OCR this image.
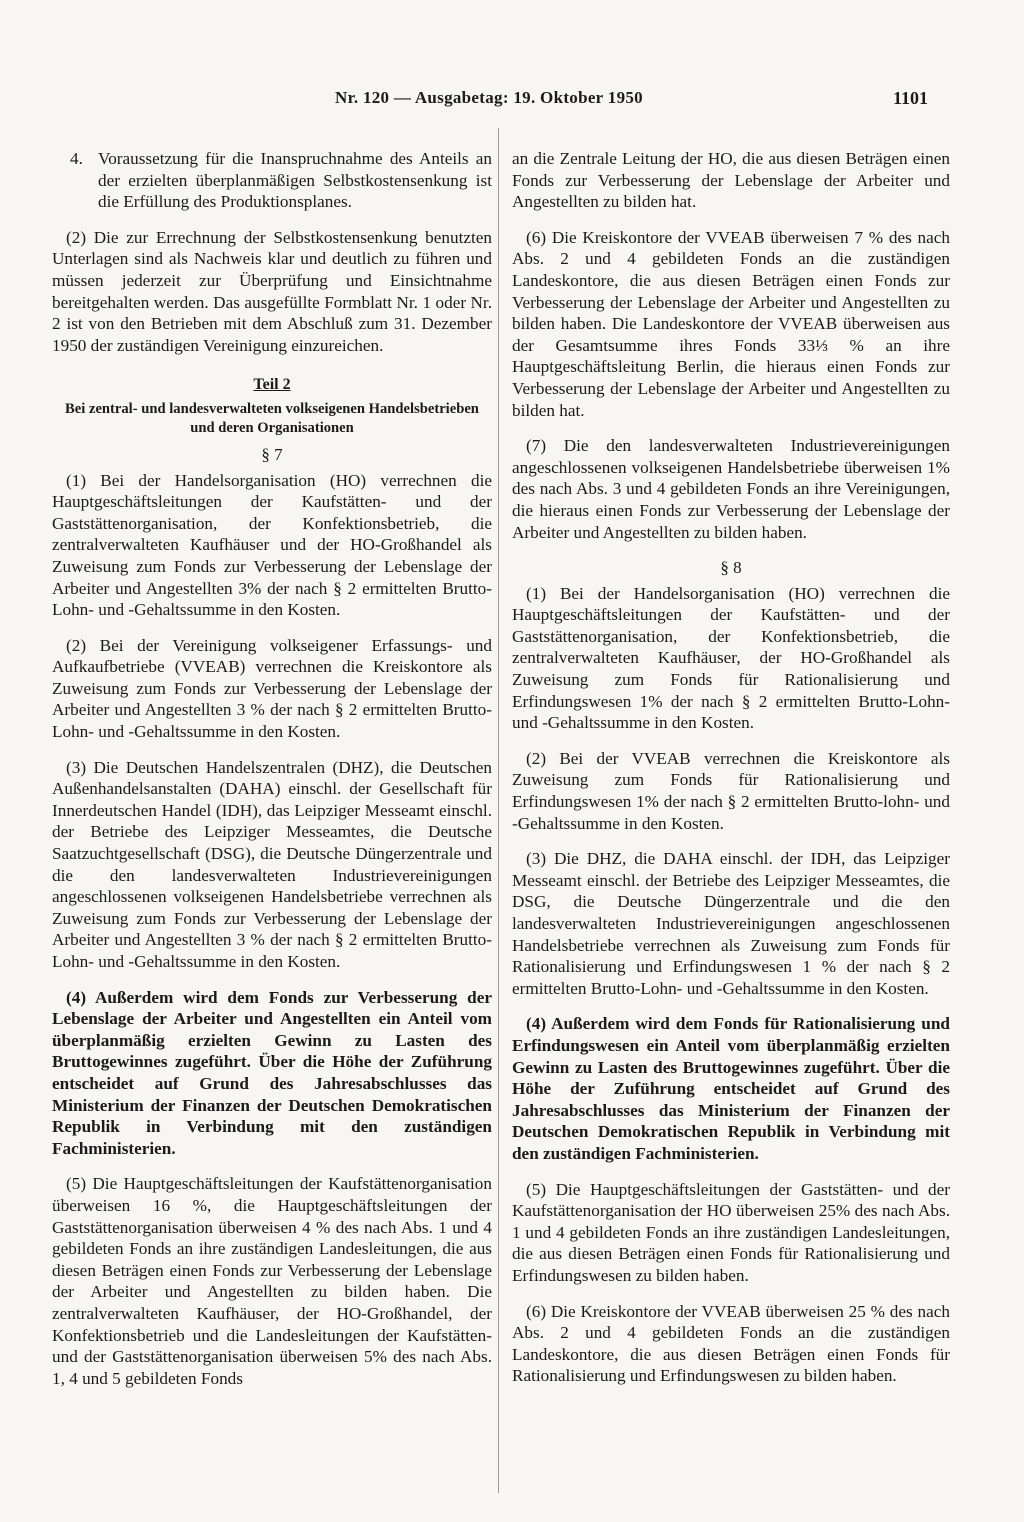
Nr. 120 — Ausgabetag: 19. Oktober 1950	1101
4. Voraussetzung für die Inanspruchnahme des Anteils an der erzielten überplanmäßigen Selbstkostensenkung ist die Erfüllung des Produktionsplanes.

(2) Die zur Errechnung der Selbstkostensenkung benutzten Unterlagen sind als Nachweis klar und deutlich zu führen und müssen jederzeit zur Überprüfung und Einsichtnahme bereitgehalten werden. Das ausgefüllte Formblatt Nr. 1 oder Nr. 2 ist von den Betrieben mit dem Abschluß zum 31. Dezember 1950 der zuständigen Vereinigung einzureichen.

Teil 2
Bei zentral- und landesverwalteten volkseigenen Handelsbetrieben und deren Organisationen
§ 7

(1) Bei der Handelsorganisation (HO) verrechnen die Hauptgeschäftsleitungen der Kaufstätten- und der Gaststättenorganisation, der Konfektionsbetrieb, die zentralverwalteten Kaufhäuser und der HO-Großhandel als Zuweisung zum Fonds zur Verbesserung der Lebenslage der Arbeiter und Angestellten 3% der nach § 2 ermittelten Brutto-Lohn- und -Gehaltssumme in den Kosten.

(2) Bei der Vereinigung volkseigener Erfassungs- und Aufkaufbetriebe (VVEAB) verrechnen die Kreiskontore als Zuweisung zum Fonds zur Verbesserung der Lebenslage der Arbeiter und Angestellten 3 % der nach § 2 ermittelten Brutto-Lohn- und -Gehaltssumme in den Kosten.

(3) Die Deutschen Handelszentralen (DHZ), die Deutschen Außenhandelsanstalten (DAHA) einschl. der Gesellschaft für Innerdeutschen Handel (IDH), das Leipziger Messeamt einschl. der Betriebe des Leipziger Messeamtes, die Deutsche Saatzuchtgesellschaft (DSG), die Deutsche Düngerzentrale und die den landesverwalteten Industrievereinigungen angeschlossenen volkseigenen Handelsbetriebe verrechnen als Zuweisung zum Fonds zur Verbesserung der Lebenslage der Arbeiter und Angestellten 3 % der nach § 2 ermittelten Brutto-Lohn- und -Gehaltssumme in den Kosten.

(4) Außerdem wird dem Fonds zur Verbesserung der Lebenslage der Arbeiter und Angestellten ein Anteil vom überplanmäßig erzielten Gewinn zu Lasten des Bruttogewinnes zugeführt. Über die Höhe der Zuführung entscheidet auf Grund des Jahresabschlusses das Ministerium der Finanzen der Deutschen Demokratischen Republik in Verbindung mit den zuständigen Fachministerien.

(5) Die Hauptgeschäftsleitungen der Kaufstättenorganisation überweisen 16 %, die Hauptgeschäftsleitungen der Gaststättenorganisation überweisen 4 % des nach Abs. 1 und 4 gebildeten Fonds an ihre zuständigen Landesleitungen, die aus diesen Beträgen einen Fonds zur Verbesserung der Lebenslage der Arbeiter und Angestellten zu bilden haben. Die zentralverwalteten Kaufhäuser, der HO-Großhandel, der Konfektionsbetrieb und die Landesleitungen der Kaufstätten- und der Gaststättenorganisation überweisen 5% des nach Abs. 1, 4 und 5 gebildeten Fonds

an die Zentrale Leitung der HO, die aus diesen Beträgen einen Fonds zur Verbesserung der Lebenslage der Arbeiter und Angestellten zu bilden hat.

(6) Die Kreiskontore der VVEAB überweisen 7 % des nach Abs. 2 und 4 gebildeten Fonds an die zuständigen Landeskontore, die aus diesen Beträgen einen Fonds zur Verbesserung der Lebenslage der Arbeiter und Angestellten zu bilden haben. Die Landeskontore der VVEAB überweisen aus der Gesamtsumme ihres Fonds 33⅓ % an ihre Hauptgeschäftsleitung Berlin, die hieraus einen Fonds zur Verbesserung der Lebenslage der Arbeiter und Angestellten zu bilden hat.

(7) Die den landesverwalteten Industrievereinigungen angeschlossenen volkseigenen Handelsbetriebe überweisen 1% des nach Abs. 3 und 4 gebildeten Fonds an ihre Vereinigungen, die hieraus einen Fonds zur Verbesserung der Lebenslage der Arbeiter und Angestellten zu bilden haben.

§ 8

(1) Bei der Handelsorganisation (HO) verrechnen die Hauptgeschäftsleitungen der Kaufstätten- und der Gaststättenorganisation, der Konfektionsbetrieb, die zentralverwalteten Kaufhäuser, der HO-Großhandel als Zuweisung zum Fonds für Rationalisierung und Erfindungswesen 1% der nach § 2 ermittelten Brutto-Lohn- und -Gehaltssumme in den Kosten.

(2) Bei der VVEAB verrechnen die Kreiskontore als Zuweisung zum Fonds für Rationalisierung und Erfindungswesen 1% der nach § 2 ermittelten Brutto-lohn- und -Gehaltssumme in den Kosten.

(3) Die DHZ, die DAHA einschl. der IDH, das Leipziger Messeamt einschl. der Betriebe des Leipziger Messeamtes, die DSG, die Deutsche Düngerzentrale und die den landesverwalteten Industrievereinigungen angeschlossenen Handelsbetriebe verrechnen als Zuweisung zum Fonds für Rationalisierung und Erfindungswesen 1 % der nach § 2 ermittelten Brutto-Lohn- und -Gehaltssumme in den Kosten.

(4) Außerdem wird dem Fonds für Rationalisierung und Erfindungswesen ein Anteil vom überplanmäßig erzielten Gewinn zu Lasten des Bruttogewinnes zugeführt. Über die Höhe der Zuführung entscheidet auf Grund des Jahresabschlusses das Ministerium der Finanzen der Deutschen Demokratischen Republik in Verbindung mit den zuständigen Fachministerien.

(5) Die Hauptgeschäftsleitungen der Gaststätten- und der Kaufstättenorganisation der HO überweisen 25% des nach Abs. 1 und 4 gebildeten Fonds an ihre zuständigen Landesleitungen, die aus diesen Beträgen einen Fonds für Rationalisierung und Erfindungswesen zu bilden haben.

(6) Die Kreiskontore der VVEAB überweisen 25 % des nach Abs. 2 und 4 gebildeten Fonds an die zuständigen Landeskontore, die aus diesen Beträgen einen Fonds für Rationalisierung und Erfindungswesen zu bilden haben.
